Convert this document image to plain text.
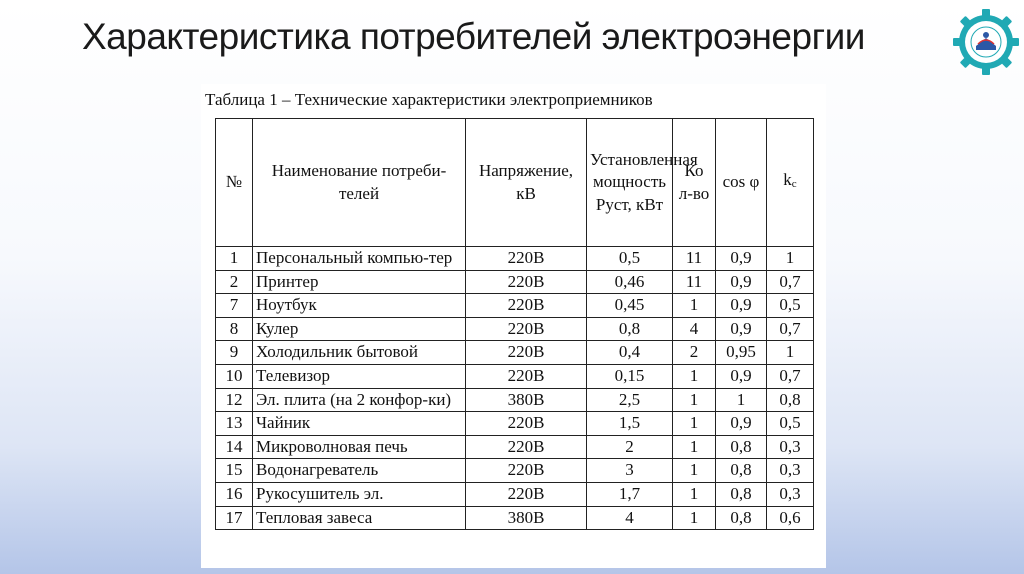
Характеристика потребителей электроэнергии
Таблица 1 – Технические характеристики электроприемников
№	Наименование потреби-телей	Напряжение, кВ	Установленная мощность Руст, кВт	Ко л-во	cos φ	kc
1	Персональный компью-тер	220В	0,5	11	0,9	1
2	Принтер	220В	0,46	11	0,9	0,7
7	Ноутбук	220В	0,45	1	0,9	0,5
8	Кулер	220В	0,8	4	0,9	0,7
9	Холодильник бытовой	220В	0,4	2	0,95	1
10	Телевизор	220В	0,15	1	0,9	0,7
12	Эл. плита (на 2 конфор-ки)	380В	2,5	1	1	0,8
13	Чайник	220В	1,5	1	0,9	0,5
14	Микроволновая печь	220В	2	1	0,8	0,3
15	Водонагреватель	220В	3	1	0,8	0,3
16	Рукосушитель эл.	220В	1,7	1	0,8	0,3
17	Тепловая завеса	380В	4	1	0,8	0,6
